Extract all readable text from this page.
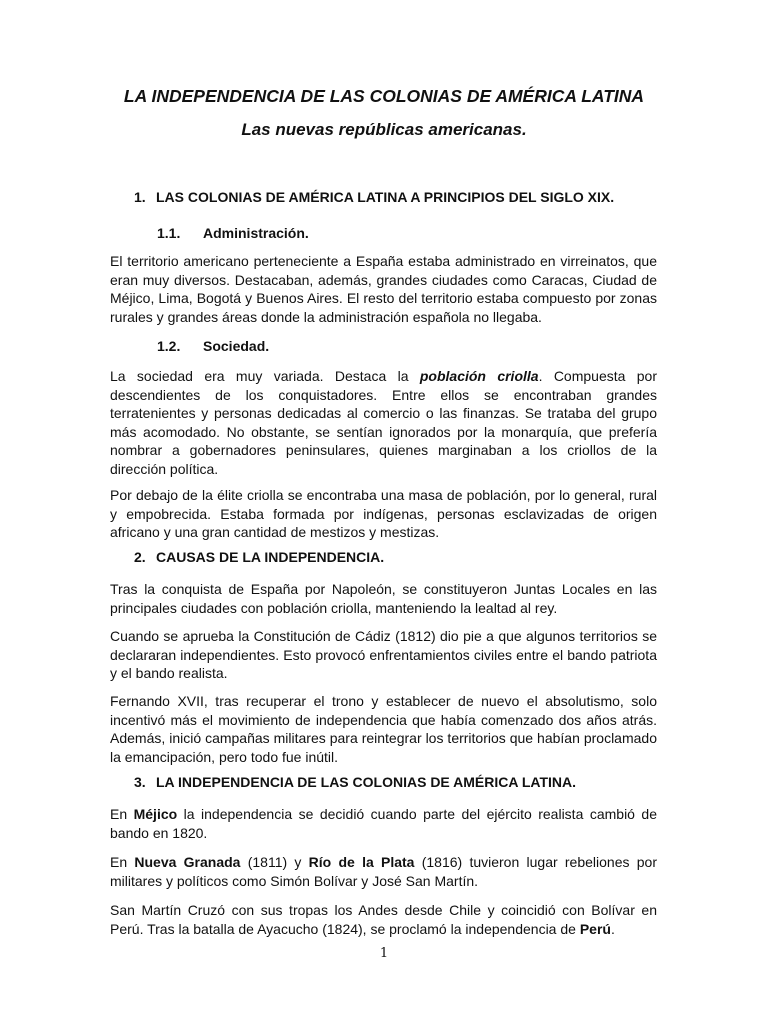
LA INDEPENDENCIA DE LAS COLONIAS DE AMÉRICA LATINA
Las nuevas repúblicas americanas.
1. LAS COLONIAS DE AMÉRICA LATINA A PRINCIPIOS DEL SIGLO XIX.
1.1. Administración.
El territorio americano perteneciente a España estaba administrado en virreinatos, que eran muy diversos. Destacaban, además, grandes ciudades como Caracas, Ciudad de Méjico, Lima, Bogotá y Buenos Aires. El resto del territorio estaba compuesto por zonas rurales y grandes áreas donde la administración española no llegaba.
1.2. Sociedad.
La sociedad era muy variada. Destaca la población criolla. Compuesta por descendientes de los conquistadores. Entre ellos se encontraban grandes terratenientes y personas dedicadas al comercio o las finanzas. Se trataba del grupo más acomodado. No obstante, se sentían ignorados por la monarquía, que prefería nombrar a gobernadores peninsulares, quienes marginaban a los criollos de la dirección política.
Por debajo de la élite criolla se encontraba una masa de población, por lo general, rural y empobrecida. Estaba formada por indígenas, personas esclavizadas de origen africano y una gran cantidad de mestizos y mestizas.
2. CAUSAS DE LA INDEPENDENCIA.
Tras la conquista de España por Napoleón, se constituyeron Juntas Locales en las principales ciudades con población criolla, manteniendo la lealtad al rey.
Cuando se aprueba la Constitución de Cádiz (1812) dio pie a que algunos territorios se declararan independientes. Esto provocó enfrentamientos civiles entre el bando patriota y el bando realista.
Fernando XVII, tras recuperar el trono y establecer de nuevo el absolutismo, solo incentivó más el movimiento de independencia que había comenzado dos años atrás. Además, inició campañas militares para reintegrar los territorios que habían proclamado la emancipación, pero todo fue inútil.
3. LA INDEPENDENCIA DE LAS COLONIAS DE AMÉRICA LATINA.
En Méjico la independencia se decidió cuando parte del ejército realista cambió de bando en 1820.
En Nueva Granada (1811) y Río de la Plata (1816) tuvieron lugar rebeliones por militares y políticos como Simón Bolívar y José San Martín.
San Martín Cruzó con sus tropas los Andes desde Chile y coincidió con Bolívar en Perú. Tras la batalla de Ayacucho (1824), se proclamó la independencia de Perú.
1
